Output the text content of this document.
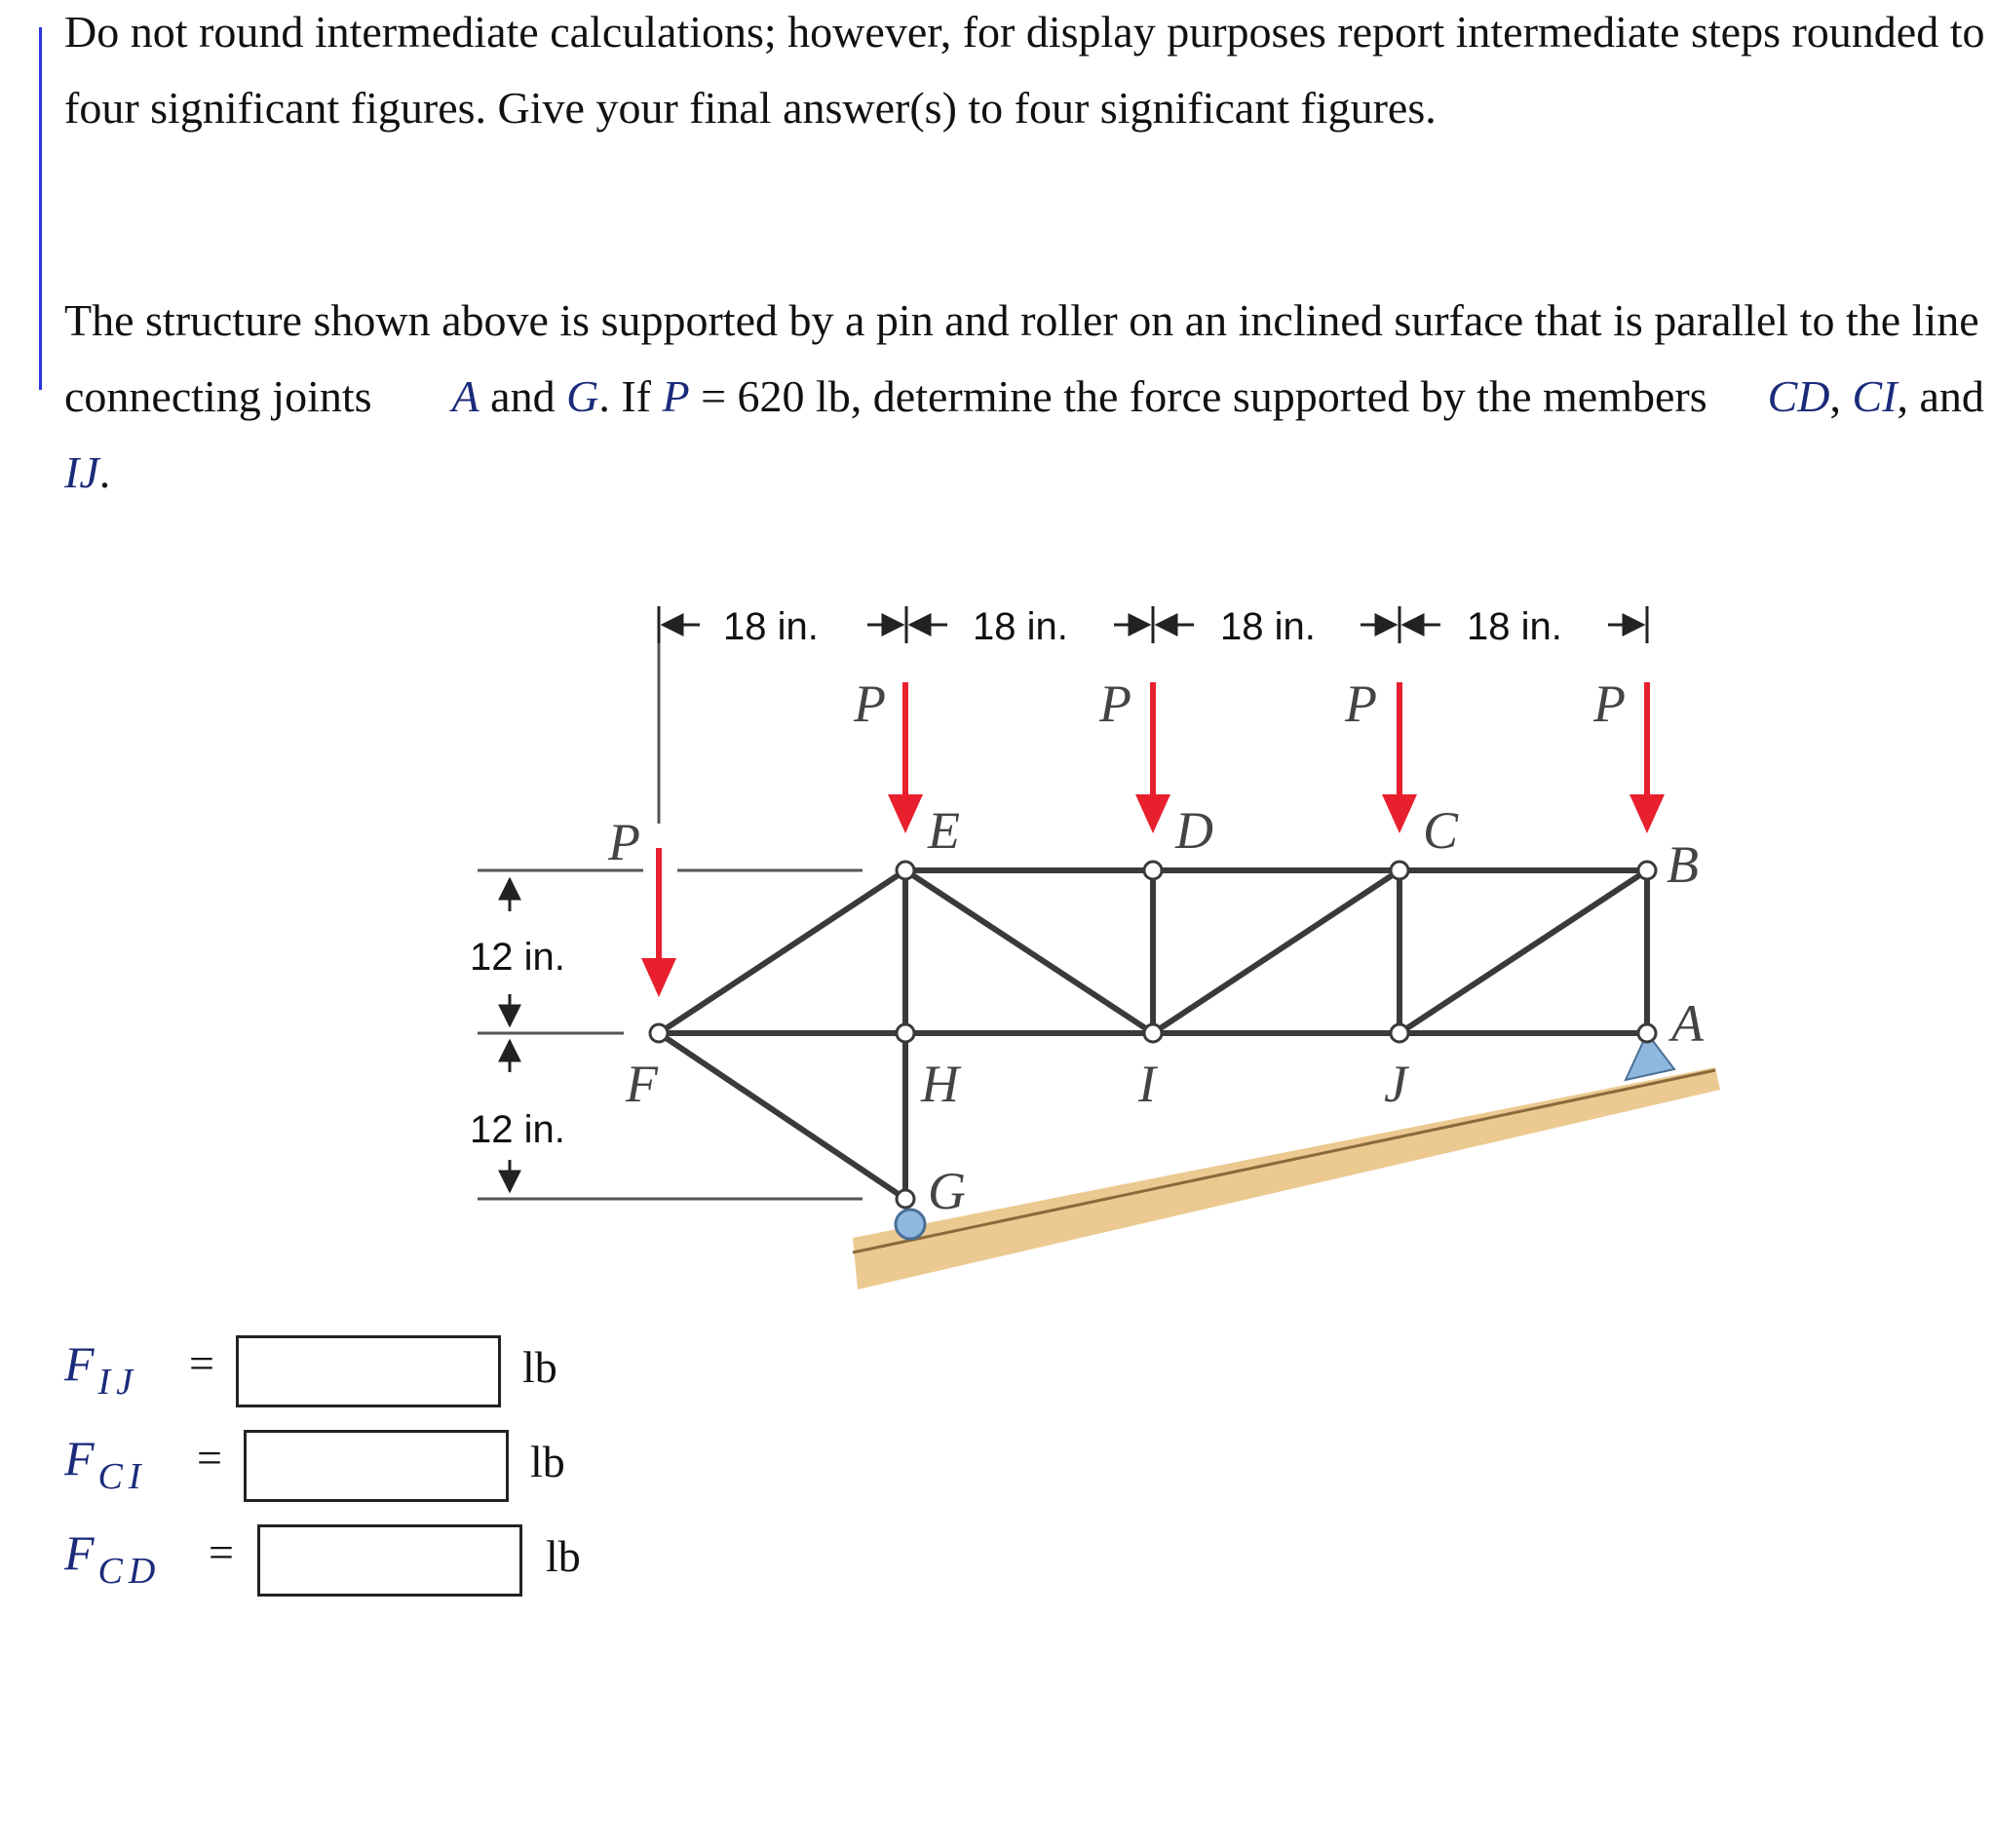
Do not round intermediate calculations; however, for display purposes report intermediate steps rounded to four significant figures. Give your final answer(s) to four significant figures.

The structure shown above is supported by a pin and roller on an inclined surface that is parallel to the line connecting joints A and G. If P = 620 lb, determine the force supported by the members CD, CI, and IJ.

12 in.
12 in.
18 in.	18 in.	18 in.	18 in.
P	P	P	P
P	E	D	C
B
A
F	H	I	J
G
F $_{IJ}$ =	lb
F $_{CI}$ =	lb
F $_{CD}$ =	lb
